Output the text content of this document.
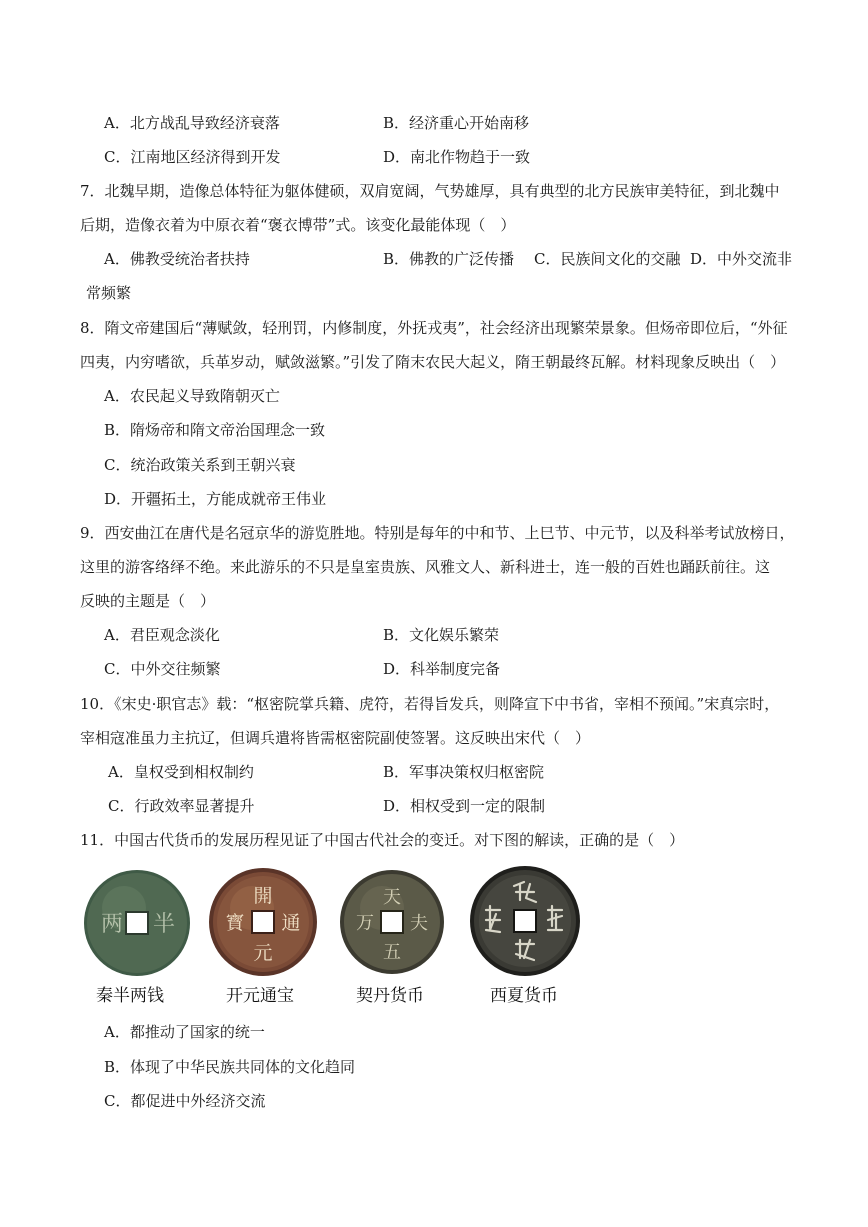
A．北方战乱导致经济衰落	B．经济重心开始南移
C．江南地区经济得到开发	D．南北作物趋于一致
7．北魏早期，造像总体特征为躯体健硕，双肩宽阔，气势雄厚，具有典型的北方民族审美特征，到北魏中
后期，造像衣着为中原衣着“褒衣博带”式。该变化最能体现（　）
A．佛教受统治者扶持	B．佛教的广泛传播 C．民族间文化的交融 D．中外交流非
常频繁
8．隋文帝建国后“薄赋敛，轻刑罚，内修制度，外抚戎夷”，社会经济出现繁荣景象。但炀帝即位后，“外征
四夷，内穷嗜欲，兵革岁动，赋敛滋繁。”引发了隋末农民大起义，隋王朝最终瓦解。材料现象反映出（　）
A．农民起义导致隋朝灭亡
B．隋炀帝和隋文帝治国理念一致
C．统治政策关系到王朝兴衰
D．开疆拓土，方能成就帝王伟业
9．西安曲江在唐代是名冠京华的游览胜地。特别是每年的中和节、上巳节、中元节，以及科举考试放榜日，
这里的游客络绎不绝。来此游乐的不只是皇室贵族、风雅文人、新科进士，连一般的百姓也踊跃前往。这
反映的主题是（　）
A．君臣观念淡化	B．文化娱乐繁荣
C．中外交往频繁	D．科举制度完备
10．《宋史·职官志》载：“枢密院掌兵籍、虎符，若得旨发兵，则降宣下中书省，宰相不预闻。”宋真宗时，
宰相寇准虽力主抗辽，但调兵遣将皆需枢密院副使签署。这反映出宋代（　）
A．皇权受到相权制约	B．军事决策权归枢密院
C．行政效率显著提升	D．相权受到一定的限制
11．中国古代货币的发展历程见证了中国古代社会的变迁。对下图的解读，正确的是（　）
两 半
開
通
元
寳
天
夫
五
万
秦半两钱	开元通宝	契丹货币	西夏货币
A．都推动了国家的统一
B．体现了中华民族共同体的文化趋同
C．都促进中外经济交流
